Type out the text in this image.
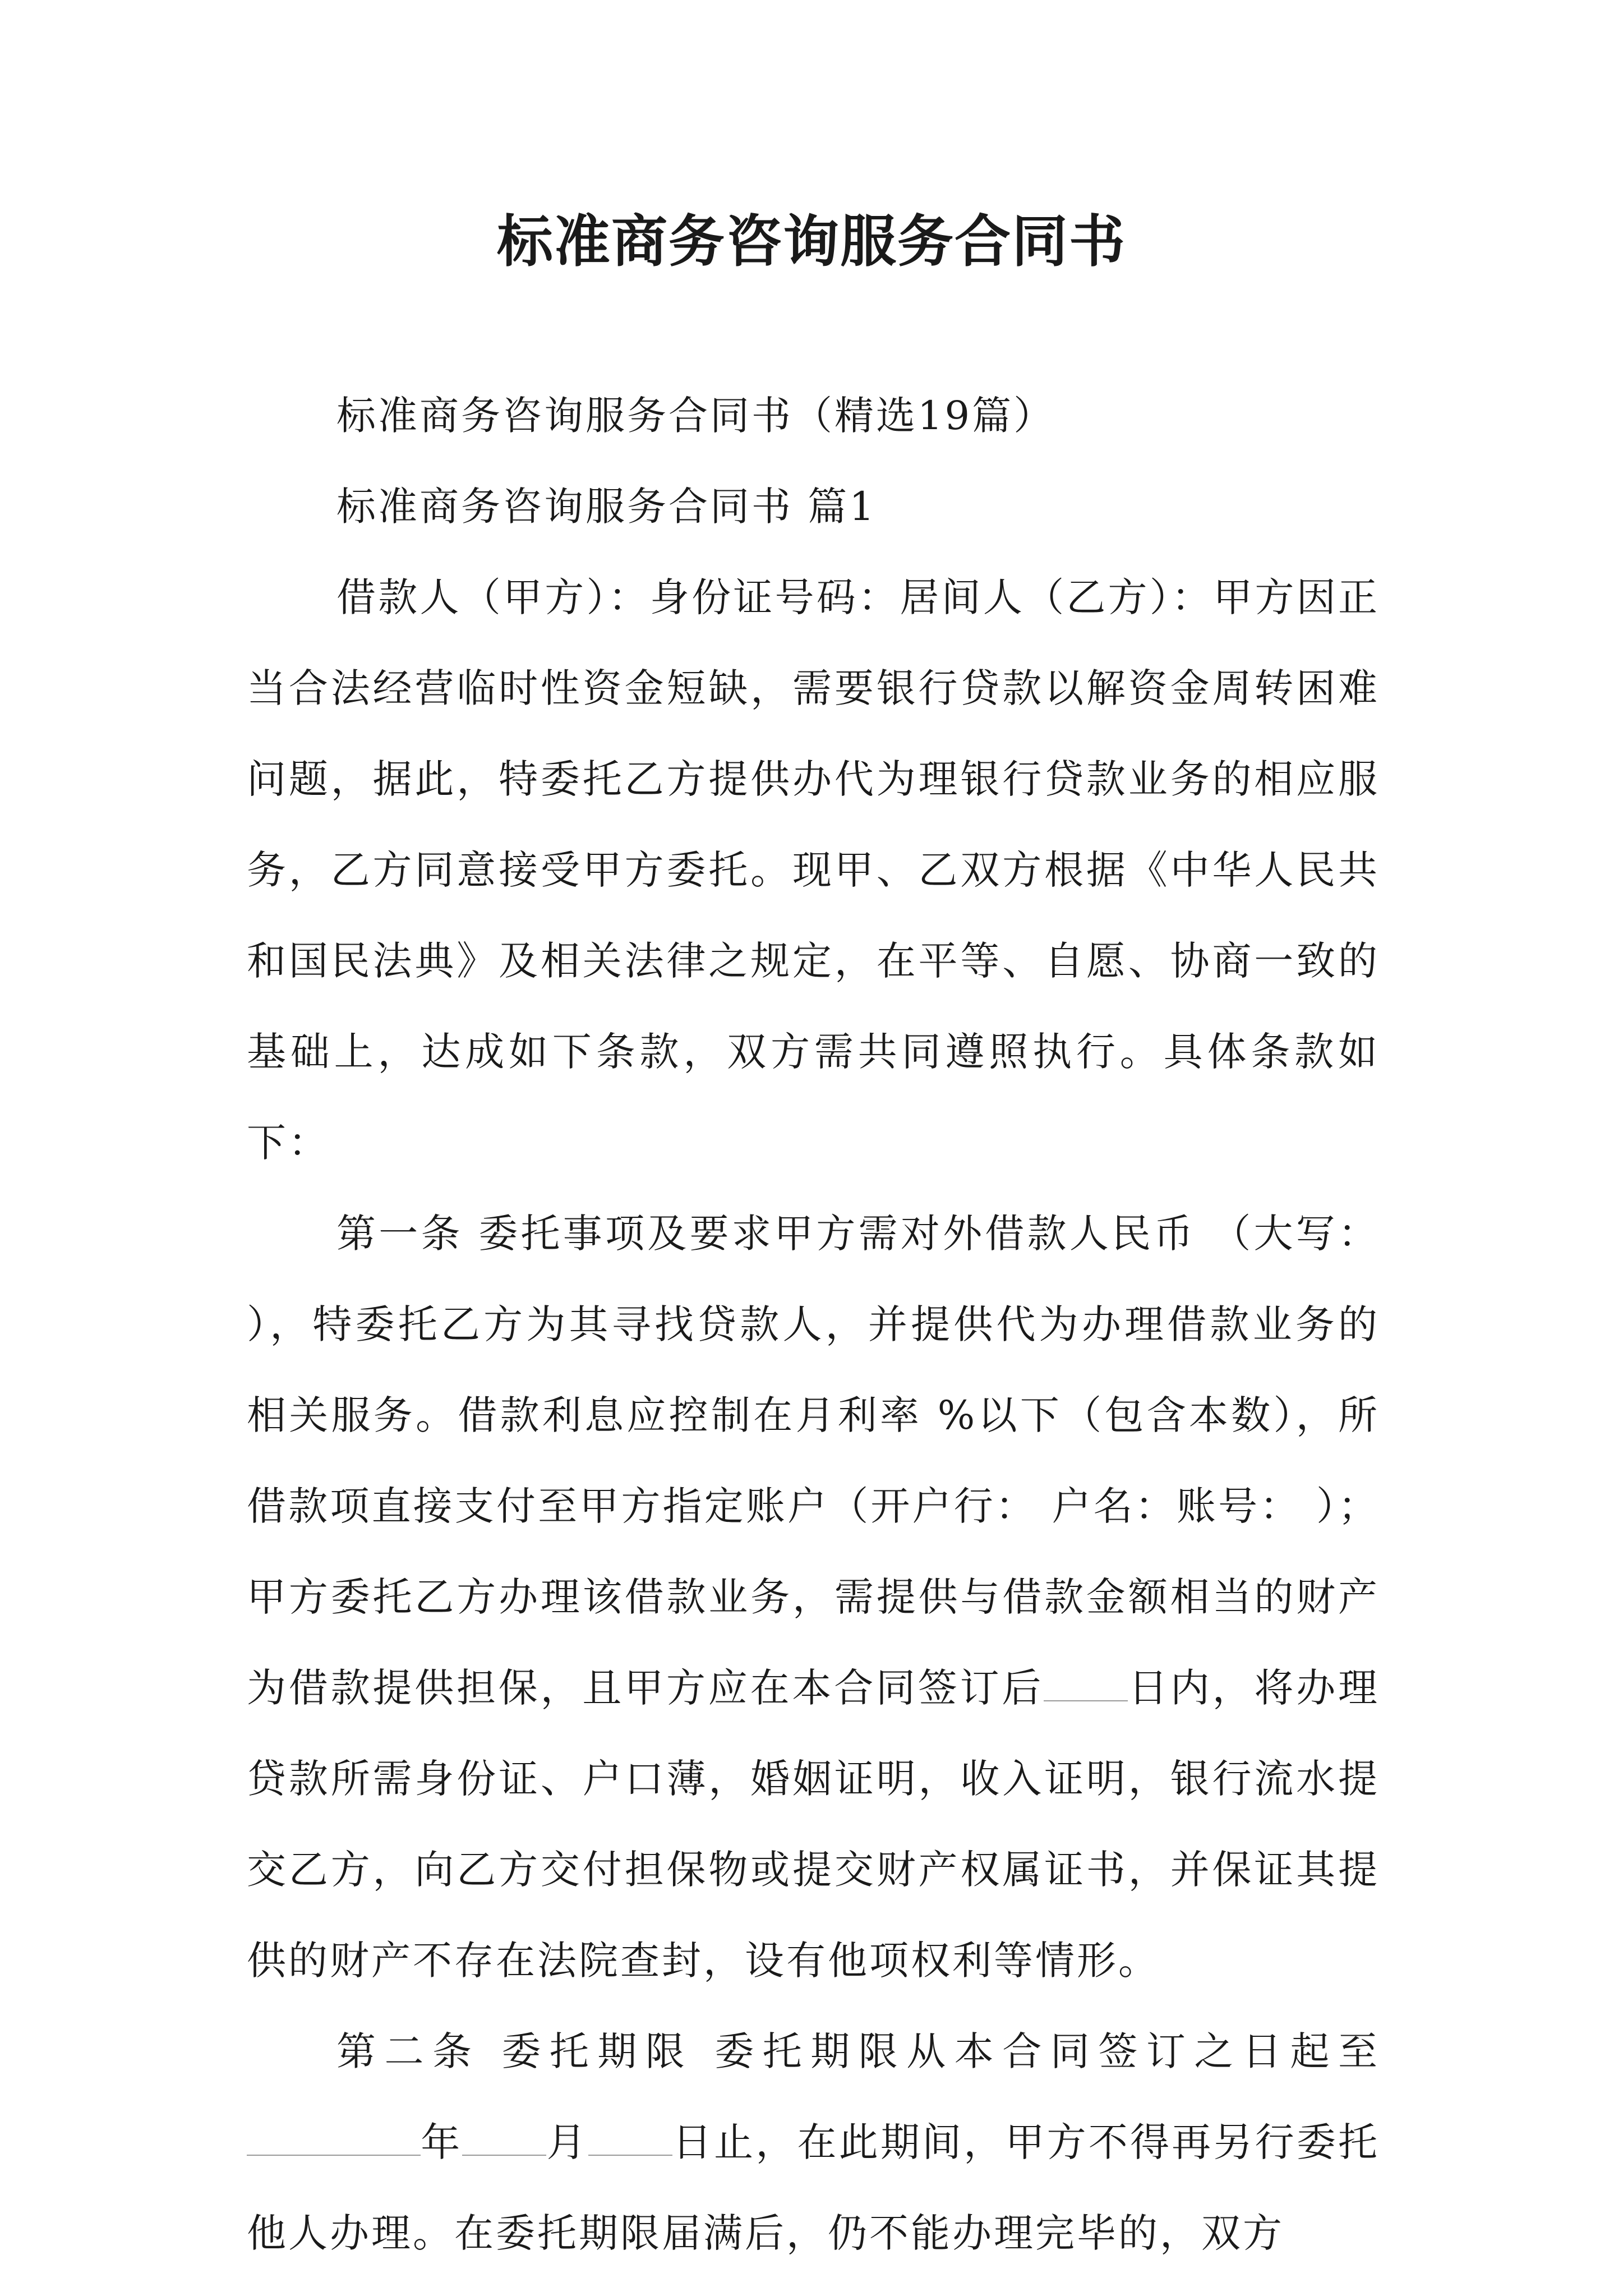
标准商务咨询服务合同书

标准商务咨询服务合同书（精选19篇）

标准商务咨询服务合同书 篇1

借款人（甲方）：身份证号码：居间人（乙方）：甲方因正当合法经营临时性资金短缺，需要银行贷款以解资金周转困难问题，据此，特委托乙方提供办代为理银行贷款业务的相应服务，乙方同意接受甲方委托。现甲、乙双方根据《中华人民共和国民法典》及相关法律之规定，在平等、自愿、协商一致的基础上，达成如下条款，双方需共同遵照执行。具体条款如下：

第一条 委托事项及要求甲方需对外借款人民币 （大写： ），特委托乙方为其寻找贷款人，并提供代为办理借款业务的相关服务。借款利息应控制在月利率 %以下（包含本数），所借款项直接支付至甲方指定账户（开户行： 户名：账号： ）； 甲方委托乙方办理该借款业务，需提供与借款金额相当的财产为借款提供担保，且甲方应在本合同签订后 日内，将办理贷款所需身份证、户口薄，婚姻证明，收入证明，银行流水提交乙方，向乙方交付担保物或提交财产权属证书，并保证其提供的财产不存在法院查封，设有他项权利等情形。

第二条 委托期限 委托期限从本合同签订之日起至年 月 日止，在此期间，甲方不得再另行委托他人办理。在委托期限届满后，仍不能办理完毕的，双方
